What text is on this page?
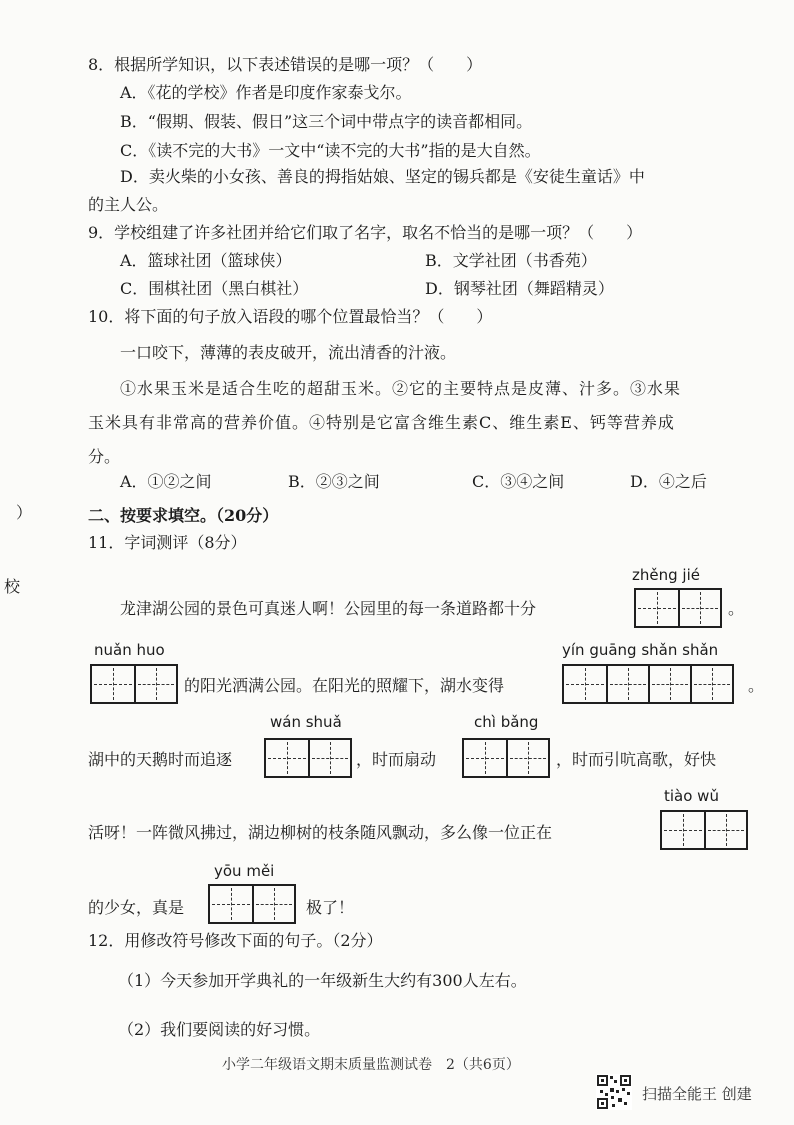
8．根据所学知识，以下表述错误的是哪一项？（　　）
A．《花的学校》作者是印度作家泰戈尔。
B．“假期、假装、假日”这三个词中带点字的读音都相同。
C．《读不完的大书》一文中“读不完的大书”指的是大自然。
D．卖火柴的小女孩、善良的拇指姑娘、坚定的锡兵都是《安徒生童话》中
的主人公。
9．学校组建了许多社团并给它们取了名字，取名不恰当的是哪一项？（　　）
A．篮球社团（篮球侠）	B．文学社团（书香苑）
C．围棋社团（黑白棋社）	D．钢琴社团（舞蹈精灵）
10．将下面的句子放入语段的哪个位置最恰当？（　　）
一口咬下，薄薄的表皮破开，流出清香的汁液。
①水果玉米是适合生吃的超甜玉米。②它的主要特点是皮薄、汁多。③水果
玉米具有非常高的营养价值。④特别是它富含维生素C、维生素E、钙等营养成
分。
A．①②之间	B．②③之间	C．③④之间	D．④之后
）
校
二、按要求填空。（20分）
11．字词测评（8分）
zhěng jié
龙津湖公园的景色可真迷人啊！公园里的每一条道路都十分	。
nuǎn huo	yín guāng shǎn shǎn
的阳光洒满公园。在阳光的照耀下，湖水变得	。
wán shuǎ	chì bǎng
湖中的天鹅时而追逐	，时而扇动	，时而引吭高歌，好快
tiào wǔ
活呀！一阵微风拂过，湖边柳树的枝条随风飘动，多么像一位正在
yōu měi
的少女，真是	极了！
12．用修改符号修改下面的句子。（2分）
（1）今天参加开学典礼的一年级新生大约有300人左右。
（2）我们要阅读的好习惯。
小学二年级语文期末质量监测试卷　2（共6页）
扫描全能王 创建
